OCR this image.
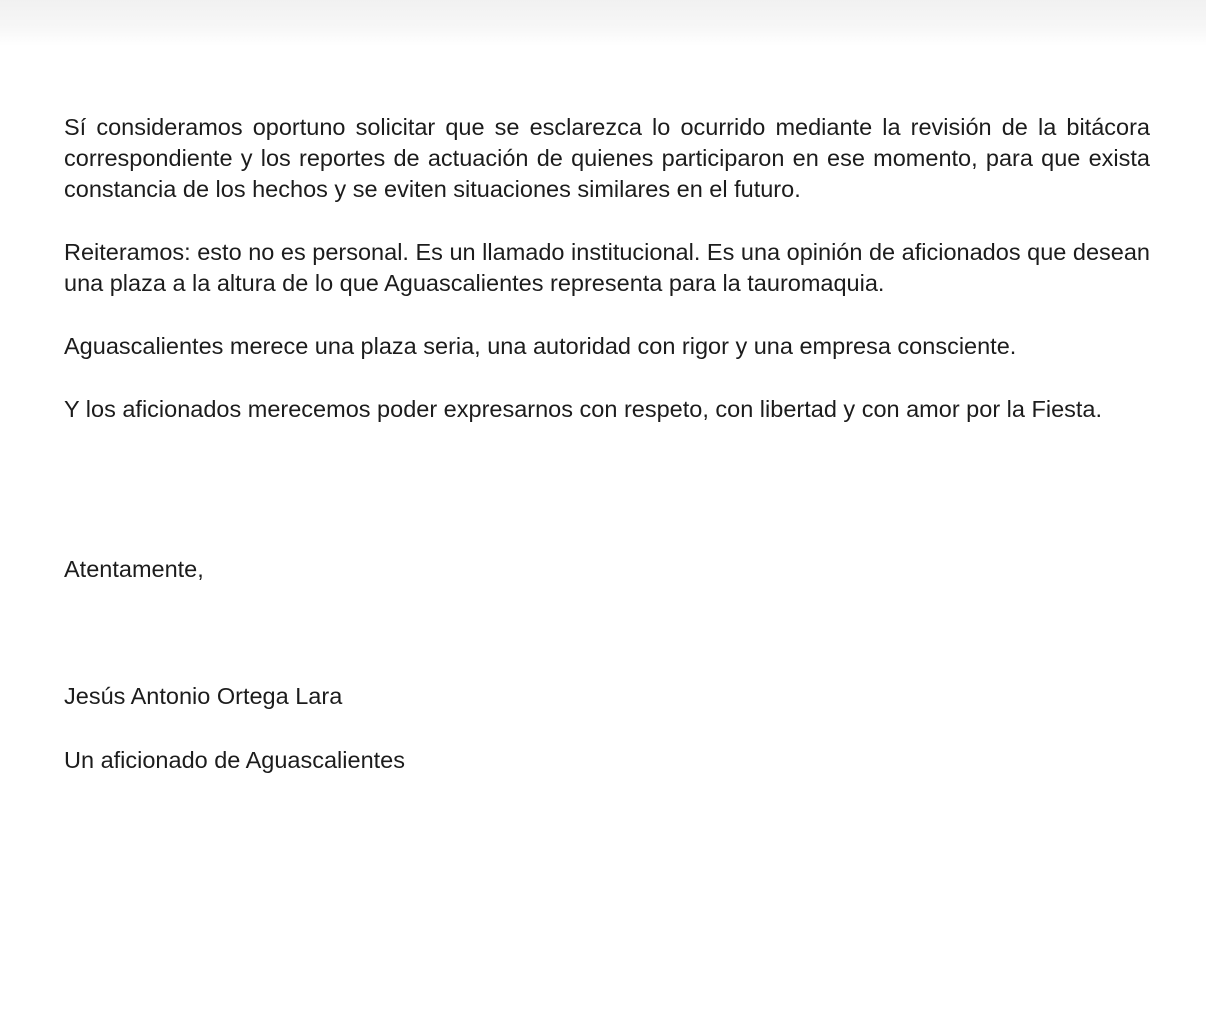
Sí consideramos oportuno solicitar que se esclarezca lo ocurrido mediante la revisión de la bitácora correspondiente y los reportes de actuación de quienes participaron en ese momento, para que exista constancia de los hechos y se eviten situaciones similares en el futuro.

Reiteramos: esto no es personal. Es un llamado institucional. Es una opinión de aficionados que desean una plaza a la altura de lo que Aguascalientes representa para la tauromaquia.

Aguascalientes merece una plaza seria, una autoridad con rigor y una empresa consciente.

Y los aficionados merecemos poder expresarnos con respeto, con libertad y con amor por la Fiesta.

Atentamente,

Jesús Antonio Ortega Lara

Un aficionado de Aguascalientes
